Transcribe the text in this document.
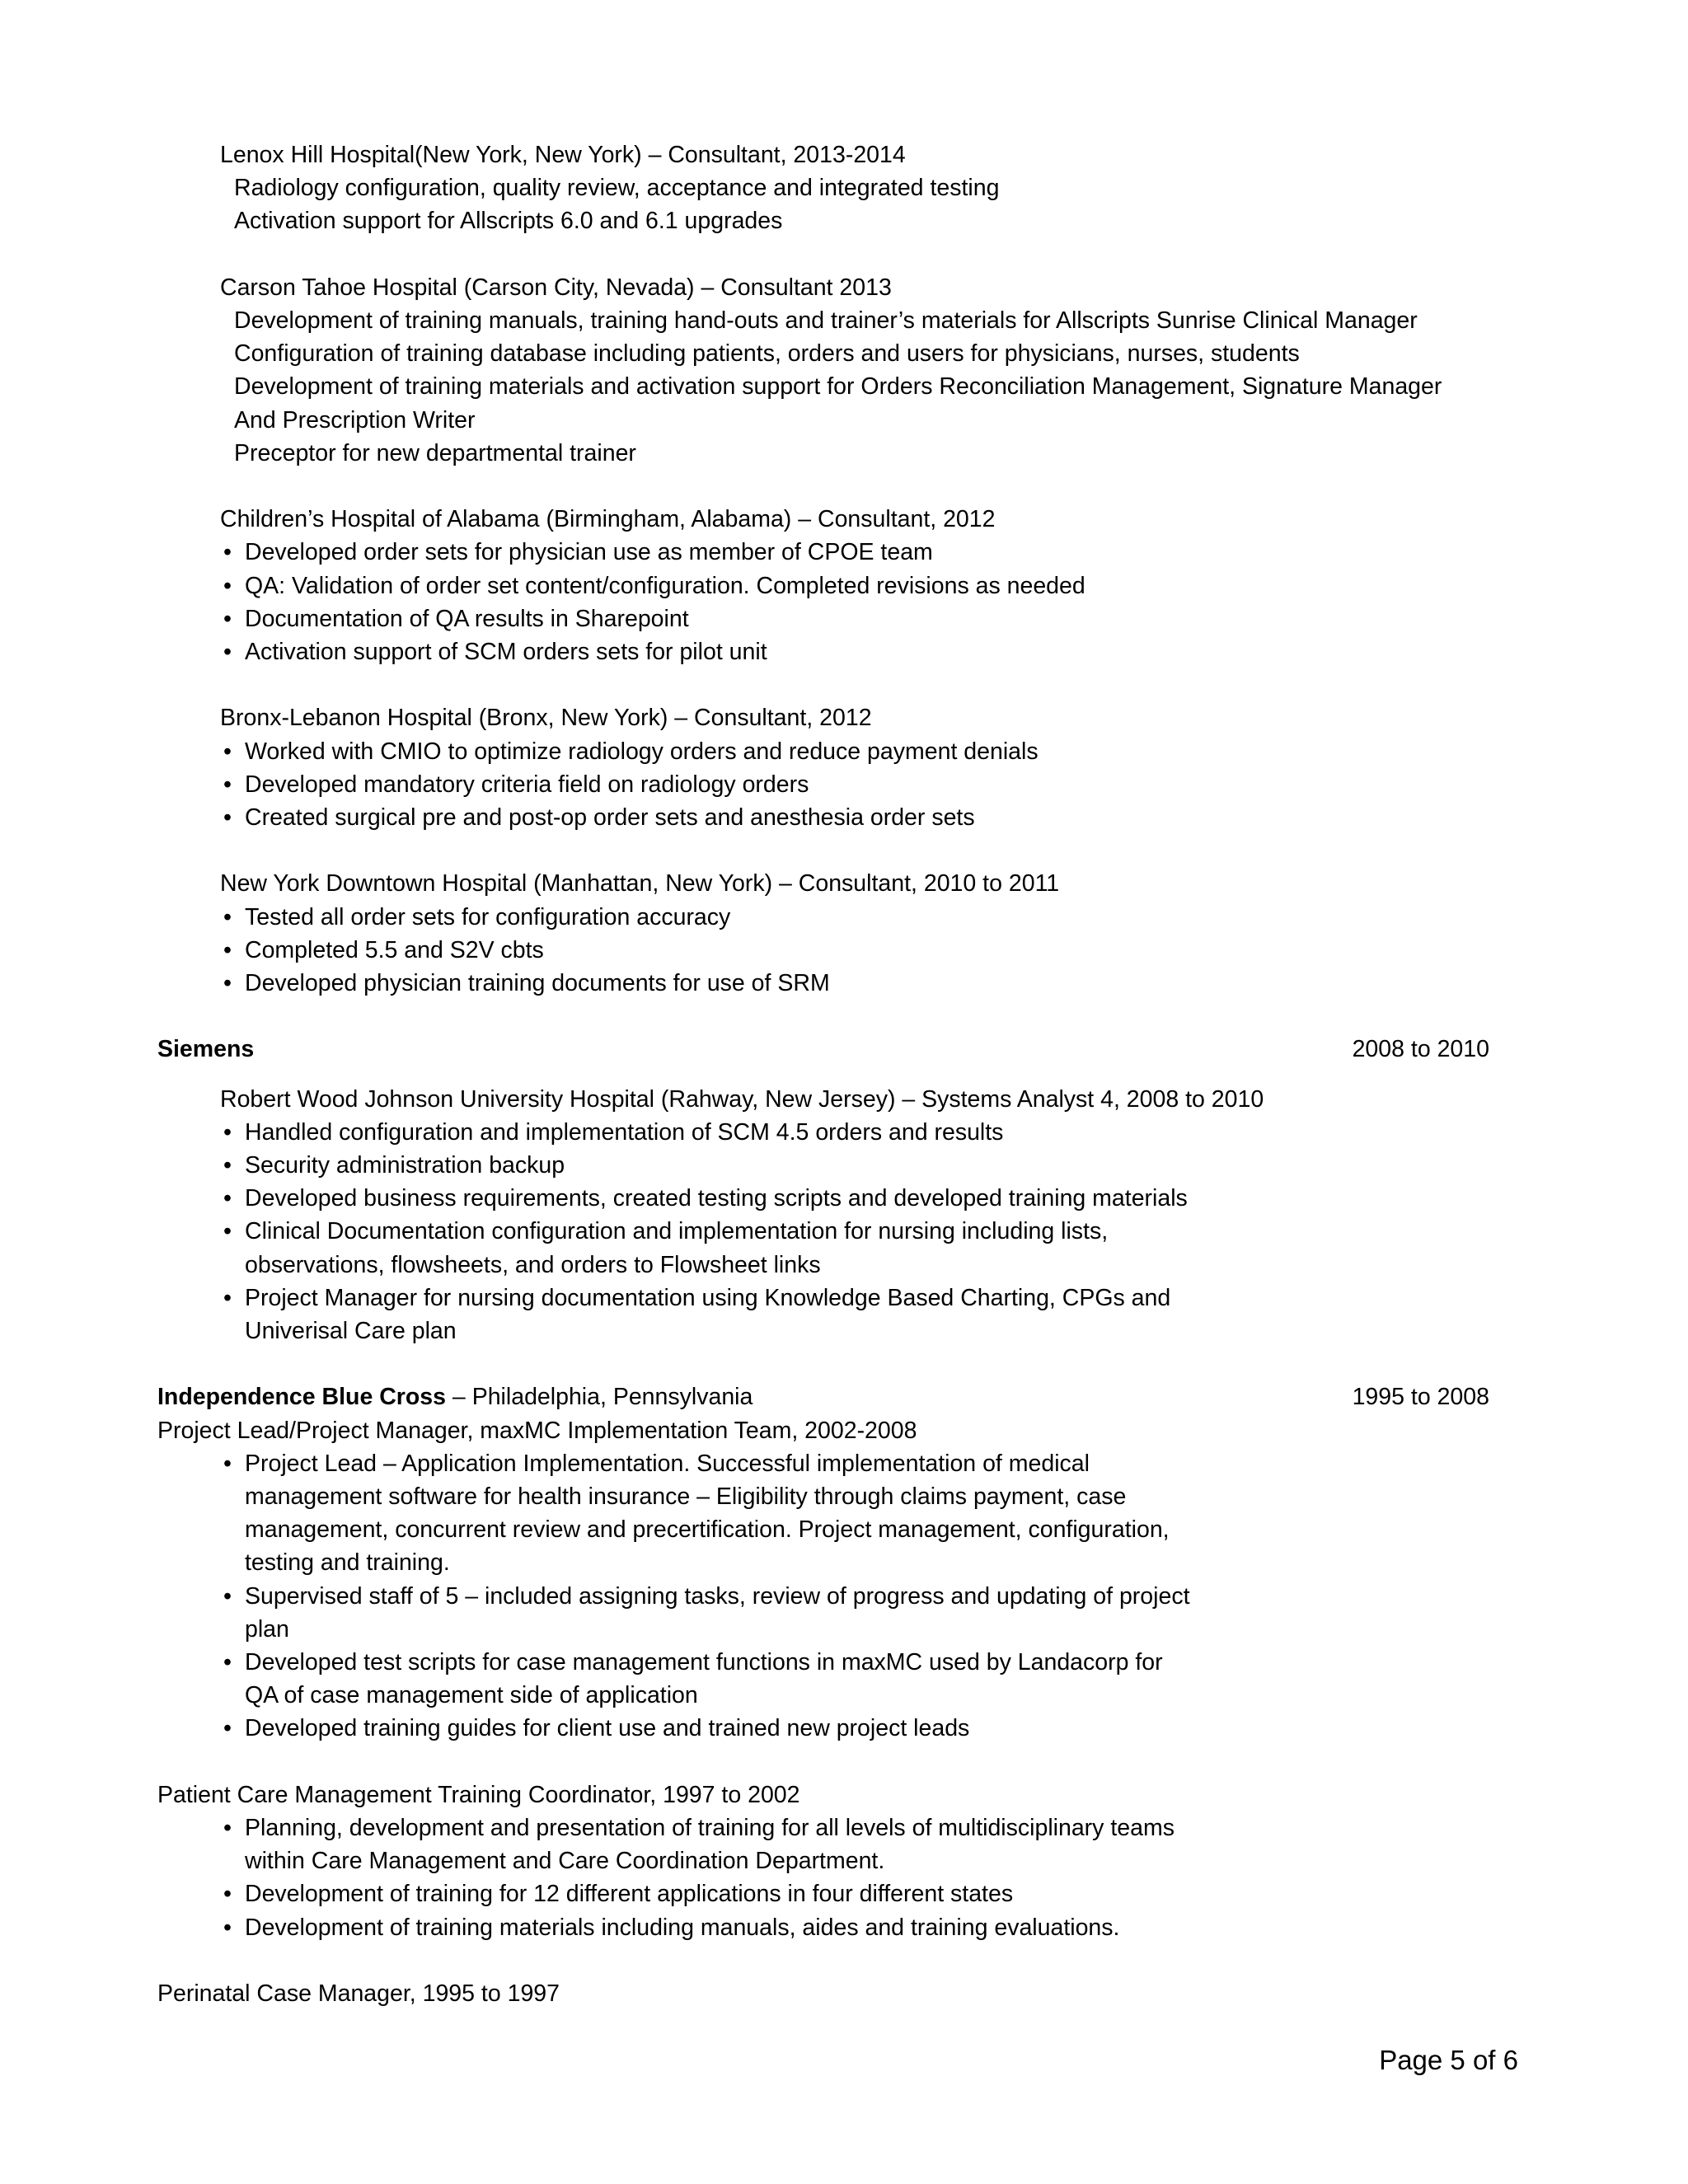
Lenox Hill Hospital(New York, New York) – Consultant, 2013-2014
Radiology configuration, quality review, acceptance and integrated testing
Activation support for Allscripts 6.0 and 6.1 upgrades
Carson Tahoe Hospital (Carson City, Nevada) – Consultant 2013
Development of training manuals, training hand-outs and trainer’s materials for Allscripts Sunrise Clinical Manager
Configuration of training database including patients, orders and users for physicians, nurses, students
Development of training materials and activation support for Orders Reconciliation Management, Signature Manager
And Prescription Writer
Preceptor for new departmental trainer
Children’s Hospital of Alabama (Birmingham, Alabama) – Consultant, 2012
• Developed order sets for physician use as member of CPOE team
• QA: Validation of order set content/configuration. Completed revisions as needed
• Documentation of QA results in Sharepoint
• Activation support of SCM orders sets for pilot unit
Bronx-Lebanon Hospital (Bronx, New York) – Consultant, 2012
• Worked with CMIO to optimize radiology orders and reduce payment denials
• Developed mandatory criteria field on radiology orders
• Created surgical pre and post-op order sets and anesthesia order sets
New York Downtown Hospital (Manhattan, New York) – Consultant, 2010 to 2011
• Tested all order sets for configuration accuracy
• Completed 5.5 and S2V cbts
• Developed physician training documents for use of SRM
Siemens	2008 to 2010
Robert Wood Johnson University Hospital (Rahway, New Jersey) – Systems Analyst 4, 2008 to 2010
• Handled configuration and implementation of SCM 4.5 orders and results
• Security administration backup
• Developed business requirements, created testing scripts and developed training materials
• Clinical Documentation configuration and implementation for nursing including lists,
observations, flowsheets, and orders to Flowsheet links
• Project Manager for nursing documentation using Knowledge Based Charting, CPGs and
Univerisal Care plan
Independence Blue Cross – Philadelphia, Pennsylvania	1995 to 2008
Project Lead/Project Manager, maxMC Implementation Team, 2002-2008
• Project Lead – Application Implementation. Successful implementation of medical
management software for health insurance – Eligibility through claims payment, case
management, concurrent review and precertification. Project management, configuration,
testing and training.
• Supervised staff of 5 – included assigning tasks, review of progress and updating of project
plan
• Developed test scripts for case management functions in maxMC used by Landacorp for
QA of case management side of application
• Developed training guides for client use and trained new project leads
Patient Care Management Training Coordinator, 1997 to 2002
• Planning, development and presentation of training for all levels of multidisciplinary teams
within Care Management and Care Coordination Department.
• Development of training for 12 different applications in four different states
• Development of training materials including manuals, aides and training evaluations.
Perinatal Case Manager, 1995 to 1997
Page 5 of 6
